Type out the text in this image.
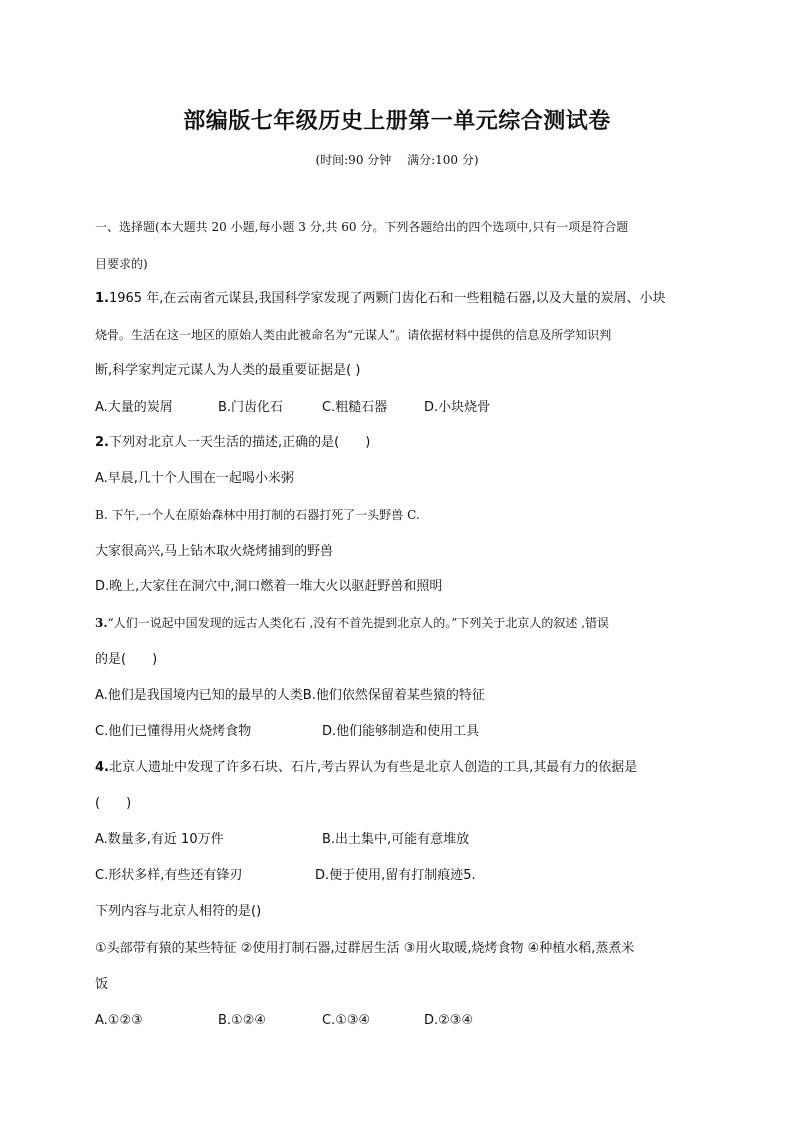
部编版七年级历史上册第一单元综合测试卷
(时间:90 分钟　 满分:100 分)
一、选择题(本大题共 20 小题,每小题 3 分,共 60 分。下列各题给出的四个选项中,只有一项是符合题
目要求的)
1.1965 年,在云南省元谋县,我国科学家发现了两颗门齿化石和一些粗糙石器,以及大量的炭屑、小块
烧骨。生活在这一地区的原始人类由此被命名为“元谋人”。请依据材料中提供的信息及所学知识判
断,科学家判定元谋人为人类的最重要证据是( )
A.大量的炭屑	B.门齿化石	C.粗糙石器	D.小块烧骨
2.下列对北京人一天生活的描述,正确的是(　　)
A.早晨,几十个人围在一起喝小米粥
B. 下午,一个人在原始森林中用打制的石器打死了一头野兽 C.
大家很高兴,马上钻木取火烧烤捕到的野兽
D.晚上,大家住在洞穴中,洞口燃着一堆大火以驱赶野兽和照明
3.“人们一说起中国发现的远古人类化石 ,没有不首先提到北京人的。”下列关于北京人的叙述 ,错误
的是(　　)
A.他们是我国境内已知的最早的人类B.他们依然保留着某些猿的特征
C.他们已懂得用火烧烤食物	D.他们能够制造和使用工具
4.北京人遗址中发现了许多石块、石片,考古界认为有些是北京人创造的工具,其最有力的依据是
(　　)
A.数量多,有近 10万件	B.出土集中,可能有意堆放
C.形状多样,有些还有锋刃	D.便于使用,留有打制痕迹5.
下列内容与北京人相符的是()
①头部带有猿的某些特征 ②使用打制石器,过群居生活 ③用火取暖,烧烤食物 ④种植水稻,蒸煮米
饭
A.①②③	B.①②④	C.①③④	D.②③④
